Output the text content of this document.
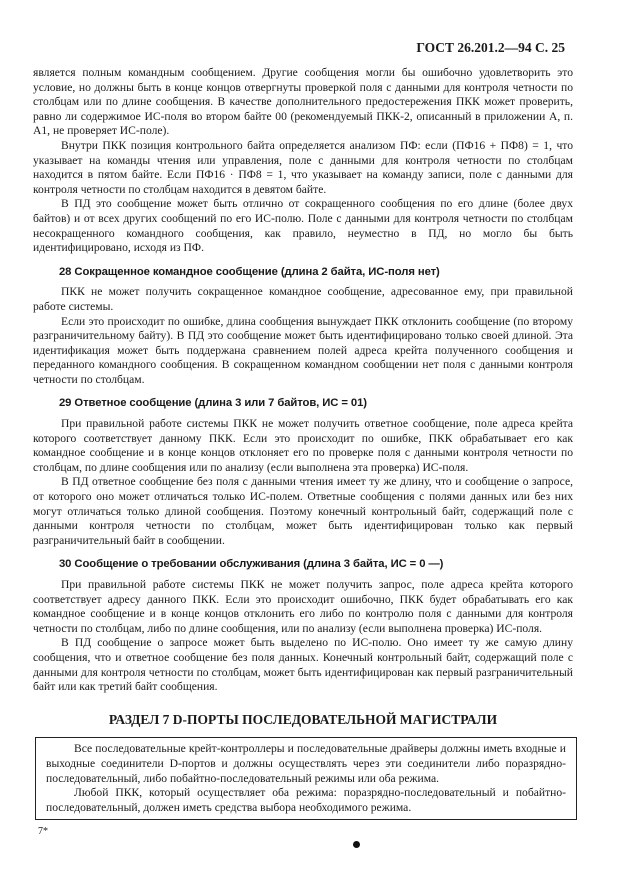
ГОСТ 26.201.2—94 С. 25

является полным командным сообщением. Другие сообщения могли бы ошибочно удовлетворить это условие, но должны быть в конце концов отвергнуты проверкой поля с данными для контроля четности по столбцам или по длине сообщения. В качестве дополнительного предостережения ПКК может проверить, равно ли содержимое ИС-поля во втором байте 00 (рекомендуемый ПКК-2, описанный в приложении А, п. А1, не проверяет ИС-поле).

Внутри ПКК позиция контрольного байта определяется анализом ПФ: если (ПФ16 + ПФ8) = 1, что указывает на команды чтения или управления, поле с данными для контроля четности по столбцам находится в пятом байте. Если ПФ16 · ПФ8 = 1, что указывает на команду записи, поле с данными для контроля четности по столбцам находится в девятом байте.

В ПД это сообщение может быть отлично от сокращенного сообщения по его длине (более двух байтов) и от всех других сообщений по его ИС-полю. Поле с данными для контроля четности по столбцам несокращенного командного сообщения, как правило, неуместно в ПД, но могло бы быть идентифицировано, исходя из ПФ.

28 Сокращенное командное сообщение (длина 2 байта, ИС-поля нет)

ПКК не может получить сокращенное командное сообщение, адресованное ему, при правильной работе системы.

Если это происходит по ошибке, длина сообщения вынуждает ПКК отклонить сообщение (по второму разграничительному байту). В ПД это сообщение может быть идентифицировано только своей длиной. Эта идентификация может быть поддержана сравнением полей адреса крейта полученного сообщения и переданного командного сообщения. В сокращенном командном сообщении нет поля с данными контроля четности по столбцам.

29 Ответное сообщение (длина 3 или 7 байтов, ИС = 01)

При правильной работе системы ПКК не может получить ответное сообщение, поле адреса крейта которого соответствует данному ПКК. Если это происходит по ошибке, ПКК обрабатывает его как командное сообщение и в конце концов отклоняет его по проверке поля с данными контроля четности по столбцам, по длине сообщения или по анализу (если выполнена эта проверка) ИС-поля.

В ПД ответное сообщение без поля с данными чтения имеет ту же длину, что и сообщение о запросе, от которого оно может отличаться только ИС-полем. Ответные сообщения с полями данных или без них могут отличаться только длиной сообщения. Поэтому конечный контрольный байт, содержащий поле с данными контроля четности по столбцам, может быть идентифицирован только как первый разграничительный байт в сообщении.

30 Сообщение о требовании обслуживания (длина 3 байта, ИС = 0 —)

При правильной работе системы ПКК не может получить запрос, поле адреса крейта которого соответствует адресу данного ПКК. Если это происходит ошибочно, ПКК будет обрабатывать его как командное сообщение и в конце концов отклонить его либо по контролю поля с данными для контроля четности по столбцам, либо по длине сообщения, или по анализу (если выполнена проверка) ИС-поля.

В ПД сообщение о запросе может быть выделено по ИС-полю. Оно имеет ту же самую длину сообщения, что и ответное сообщение без поля данных. Конечный контрольный байт, содержащий поле с данными для контроля четности по столбцам, может быть идентифицирован как первый разграничительный байт или как третий байт сообщения.

РАЗДЕЛ 7 D-ПОРТЫ ПОСЛЕДОВАТЕЛЬНОЙ МАГИСТРАЛИ

Все последовательные крейт-контроллеры и последовательные драйверы должны иметь входные и выходные соединители D-портов и должны осуществлять через эти соединители либо поразрядно-последовательный, либо побайтно-последовательный режимы или оба режима.

Любой ПКК, который осуществляет оба режима: поразрядно-последовательный и побайтно-последовательный, должен иметь средства выбора необходимого режима.

7*
